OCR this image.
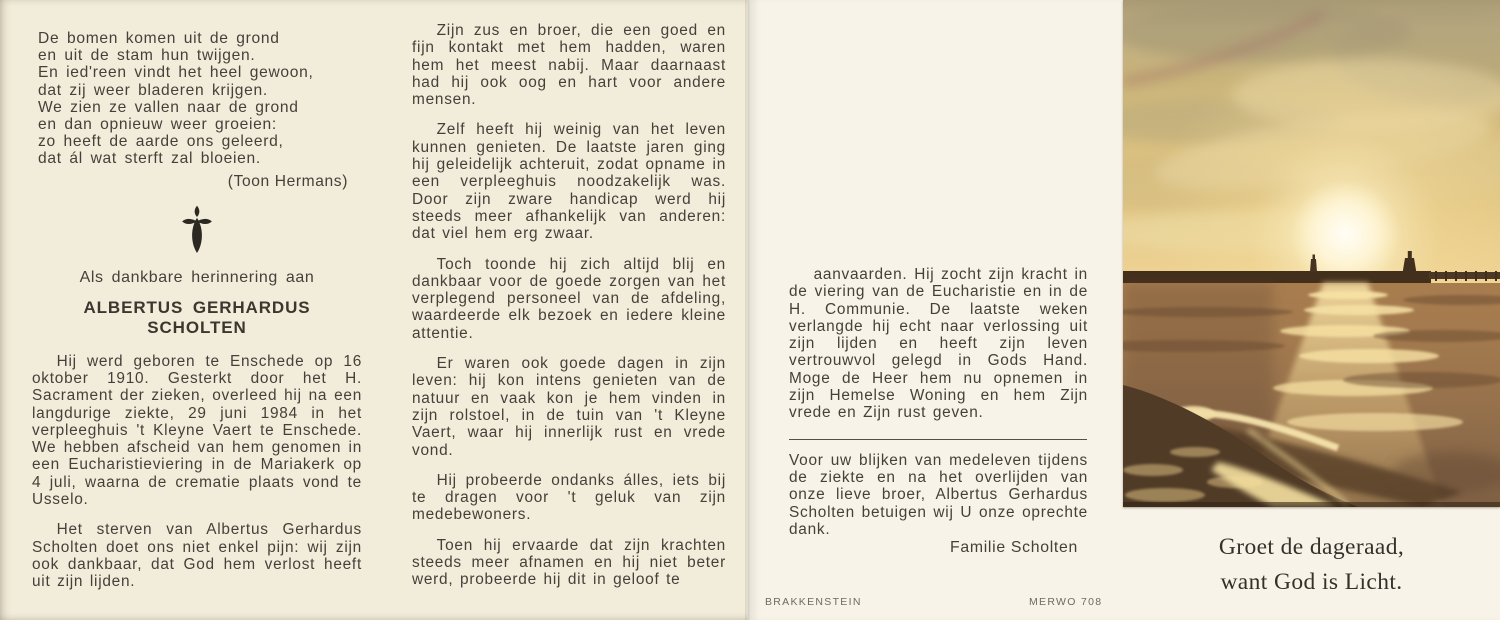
De bomen komen uit de grond
en uit de stam hun twijgen.
En ied'reen vindt het heel gewoon,
dat zij weer bladeren krijgen.
We zien ze vallen naar de grond
en dan opnieuw weer groeien:
zo heeft de aarde ons geleerd,
dat ál wat sterft zal bloeien.
(Toon Hermans)
Als dankbare herinnering aan
ALBERTUS GERHARDUS SCHOLTEN
Hij werd geboren te Enschede op 16 oktober 1910. Gesterkt door het H. Sacrament der zieken, overleed hij na een langdurige ziekte, 29 juni 1984 in het verpleeghuis 't Kleyne Vaert te Enschede. We hebben afscheid van hem genomen in een Eucharistieviering in de Mariakerk op 4 juli, waarna de crematie plaats vond te Usselo.
Het sterven van Albertus Gerhardus Scholten doet ons niet enkel pijn: wij zijn ook dankbaar, dat God hem verlost heeft uit zijn lijden.
Zijn zus en broer, die een goed en fijn kontakt met hem hadden, waren hem het meest nabij. Maar daarnaast had hij ook oog en hart voor andere mensen.
Zelf heeft hij weinig van het leven kunnen genieten. De laatste jaren ging hij geleidelijk achteruit, zodat opname in een verpleeghuis noodzakelijk was. Door zijn zware handicap werd hij steeds meer afhankelijk van anderen: dat viel hem erg zwaar.
Toch toonde hij zich altijd blij en dankbaar voor de goede zorgen van het verplegend personeel van de afdeling, waardeerde elk bezoek en iedere kleine attentie.
Er waren ook goede dagen in zijn leven: hij kon intens genieten van de natuur en vaak kon je hem vinden in zijn rolstoel, in de tuin van 't Kleyne Vaert, waar hij innerlijk rust en vrede vond.
Hij probeerde ondanks álles, iets bij te dragen voor 't geluk van zijn medebewoners.
Toen hij ervaarde dat zijn krachten steeds meer afnamen en hij niet beter werd, probeerde hij dit in geloof te
aanvaarden. Hij zocht zijn kracht in de viering van de Eucharistie en in de H. Communie. De laatste weken verlangde hij echt naar verlossing uit zijn lijden en heeft zijn leven vertrouwvol gelegd in Gods Hand. Moge de Heer hem nu opnemen in zijn Hemelse Woning en hem Zijn vrede en Zijn rust geven.
Voor uw blijken van medeleven tijdens de ziekte en na het overlijden van onze lieve broer, Albertus Gerhardus Scholten betuigen wij U onze oprechte dank.
Familie Scholten
BRAKKENSTEIN	MERWO 708
Groet de dageraad,
want God is Licht.
